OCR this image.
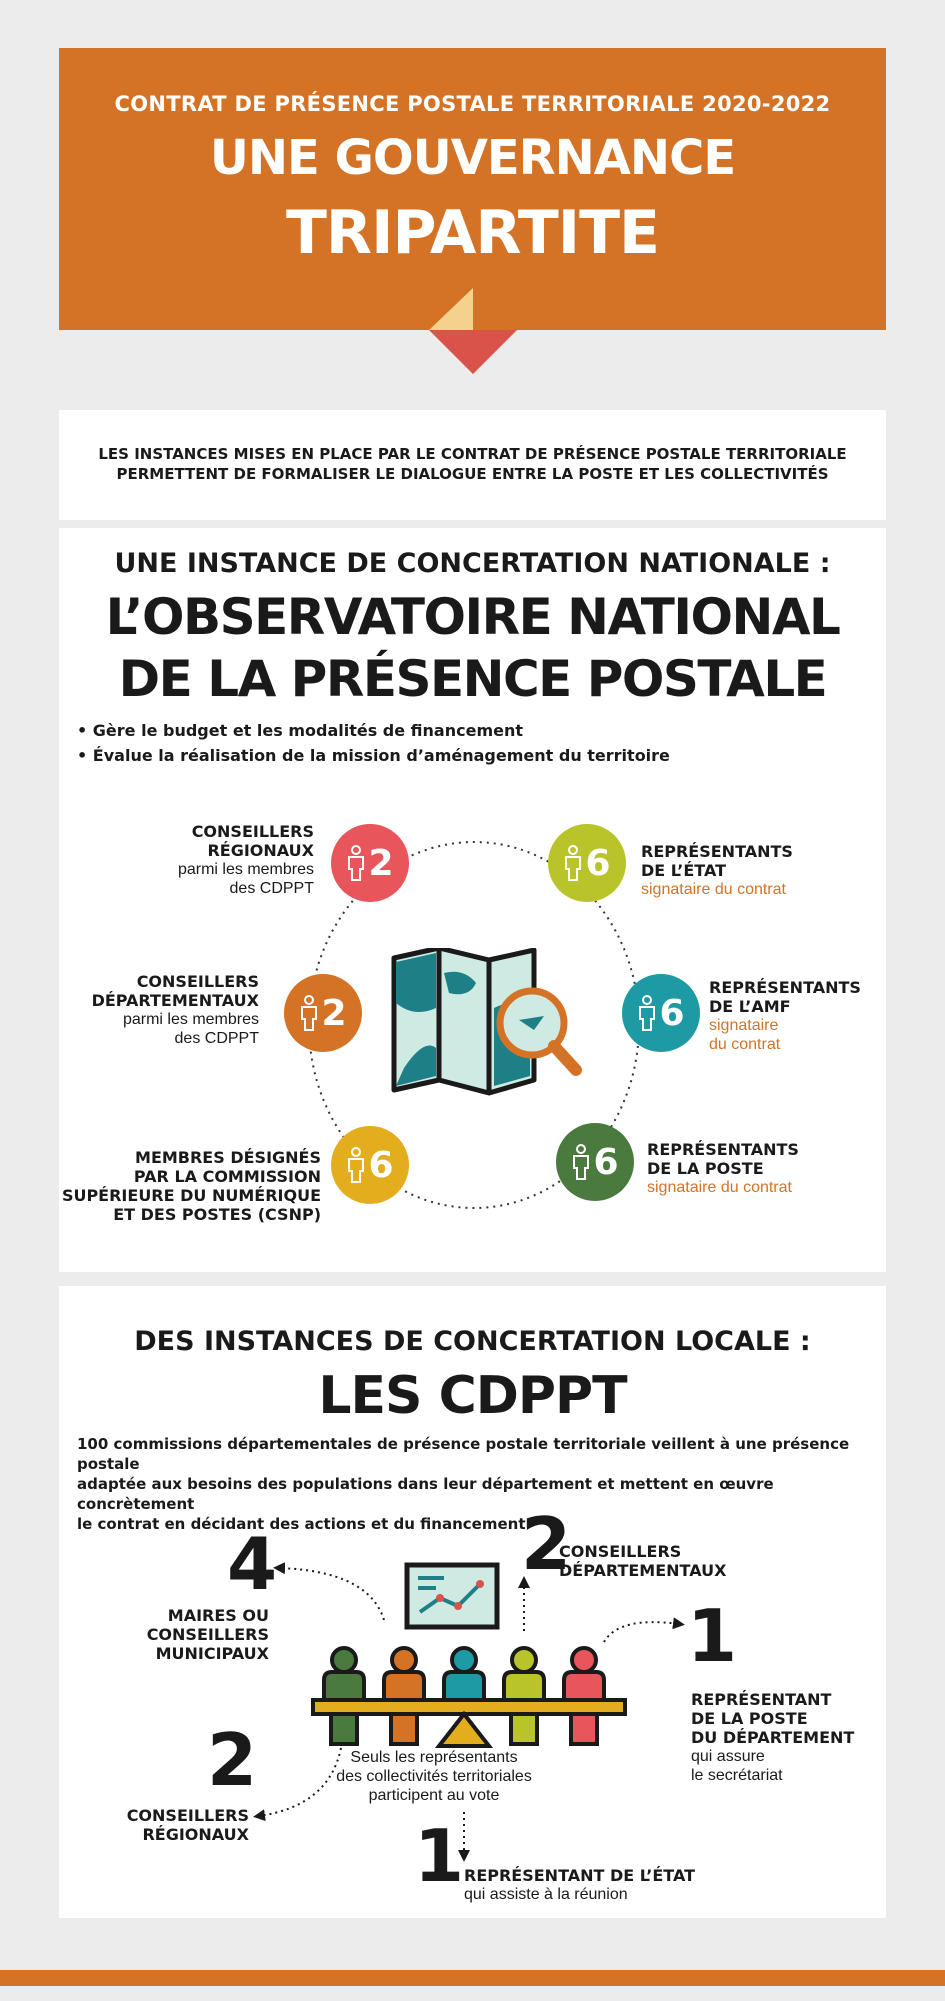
CONTRAT DE PRÉSENCE POSTALE TERRITORIALE 2020-2022
UNE GOUVERNANCE
TRIPARTITE
LES INSTANCES MISES EN PLACE PAR LE CONTRAT DE PRÉSENCE POSTALE TERRITORIALE
PERMETTENT DE FORMALISER LE DIALOGUE ENTRE LA POSTE ET LES COLLECTIVITÉS
UNE INSTANCE DE CONCERTATION NATIONALE :
L’OBSERVATOIRE NATIONAL
DE LA PRÉSENCE POSTALE
• Gère le budget et les modalités de financement
• Évalue la réalisation de la mission d’aménagement du territoire
2
2
6
6
6
6
CONSEILLERS
RÉGIONAUX
parmi les membres
des CDPPT
CONSEILLERS
DÉPARTEMENTAUX
parmi les membres
des CDPPT
MEMBRES DÉSIGNÉS
PAR LA COMMISSION
SUPÉRIEURE DU NUMÉRIQUE
ET DES POSTES (CSNP)
REPRÉSENTANTS
DE L’ÉTAT
signataire du contrat
REPRÉSENTANTS
DE L’AMF
signataire
du contrat
REPRÉSENTANTS
DE LA POSTE
signataire du contrat
DES INSTANCES DE CONCERTATION LOCALE :
LES CDPPT
100 commissions départementales de présence postale territoriale veillent à une présence postale
adaptée aux besoins des populations dans leur département et mettent en œuvre concrètement
le contrat en décidant des actions et du financement
4
MAIRES OU
CONSEILLERS
MUNICIPAUX
2
CONSEILLERS
DÉPARTEMENTAUX
1
REPRÉSENTANT
DE LA POSTE
DU DÉPARTEMENT
qui assure
le secrétariat
2
CONSEILLERS
RÉGIONAUX 1 REPRÉSENTANT DE L’ÉTAT
qui assiste à la réunion
Seuls les représentants
des collectivités territoriales
participent au vote
